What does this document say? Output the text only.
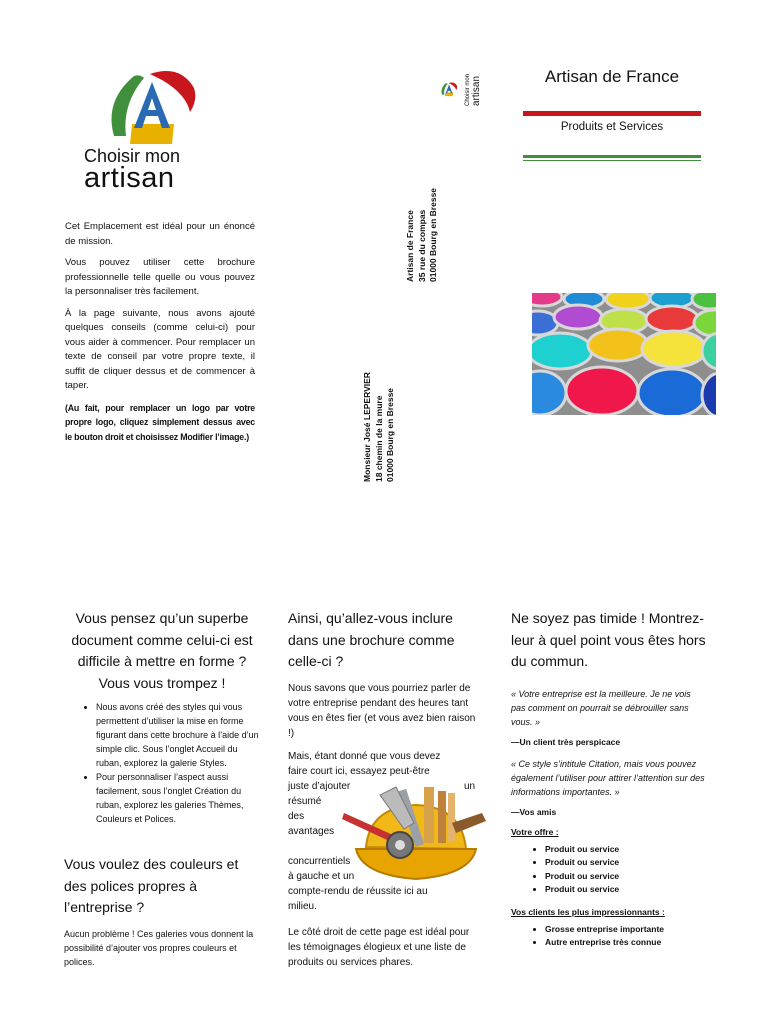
Choisir mon
artisan

Cet Emplacement est idéal pour un énoncé de mission.

Vous pouvez utiliser cette brochure professionnelle telle quelle ou vous pouvez la personnaliser très facilement.

À la page suivante, nous avons ajouté quelques conseils (comme celui-ci) pour vous aider à commencer. Pour remplacer un texte de conseil par votre propre texte, il suffit de cliquer dessus et de commencer à taper.

(Au fait, pour remplacer un logo par votre propre logo, cliquez simplement dessus avec le bouton droit et choisissez Modifier l’image.)

Artisan de France 35 rue du compas 01000 Bourg en Bresse
Monsieur José LEPERVIER 18 chemin de la mure 01000 Bourg en Bresse
Choisir mon artisan	Artisan de France
Produits et Services
Vous pensez qu’un superbe document comme celui-ci est difficile à mettre en forme ?
Vous vous trompez !
• Nous avons créé des styles qui vous permettent d’utiliser la mise en forme figurant dans cette brochure à l’aide d’un simple clic. Sous l’onglet Accueil du ruban, explorez la galerie Styles.
• Pour personnaliser l’aspect aussi facilement, sous l’onglet Création du ruban, explorez les galeries Thèmes, Couleurs et Polices.
Vous voulez des couleurs et des polices propres à l’entreprise ?
Aucun problème ! Ces galeries vous donnent la possibilité d’ajouter vos propres couleurs et polices.
Ainsi, qu’allez-vous inclure dans une brochure comme celle-ci ?
Nous savons que vous pourriez parler de votre entreprise pendant des heures tant vous en êtes fier (et vous avez bien raison !)
Mais, étant donné que vous devez
faire court ici, essayez peut-être
juste d’ajouter	un
résumé
des
avantages
concurrentiels
à gauche et un
compte-rendu de réussite ici au
milieu.
Le côté droit de cette page est idéal pour les témoignages élogieux et une liste de produits ou services phares.
Ne soyez pas timide ! Montrez-leur à quel point vous êtes hors du commun.

« Votre entreprise est la meilleure. Je ne vois pas comment on pourrait se débrouiller sans vous. »

—Un client très perspicace

« Ce style s’intitule Citation, mais vous pouvez également l’utiliser pour attirer l’attention sur des informations importantes. »

—Vos amis

Votre offre :

• Produit ou service
• Produit ou service
• Produit ou service
• Produit ou service

Vos clients les plus impressionnants :

• Grosse entreprise importante
• Autre entreprise très connue
